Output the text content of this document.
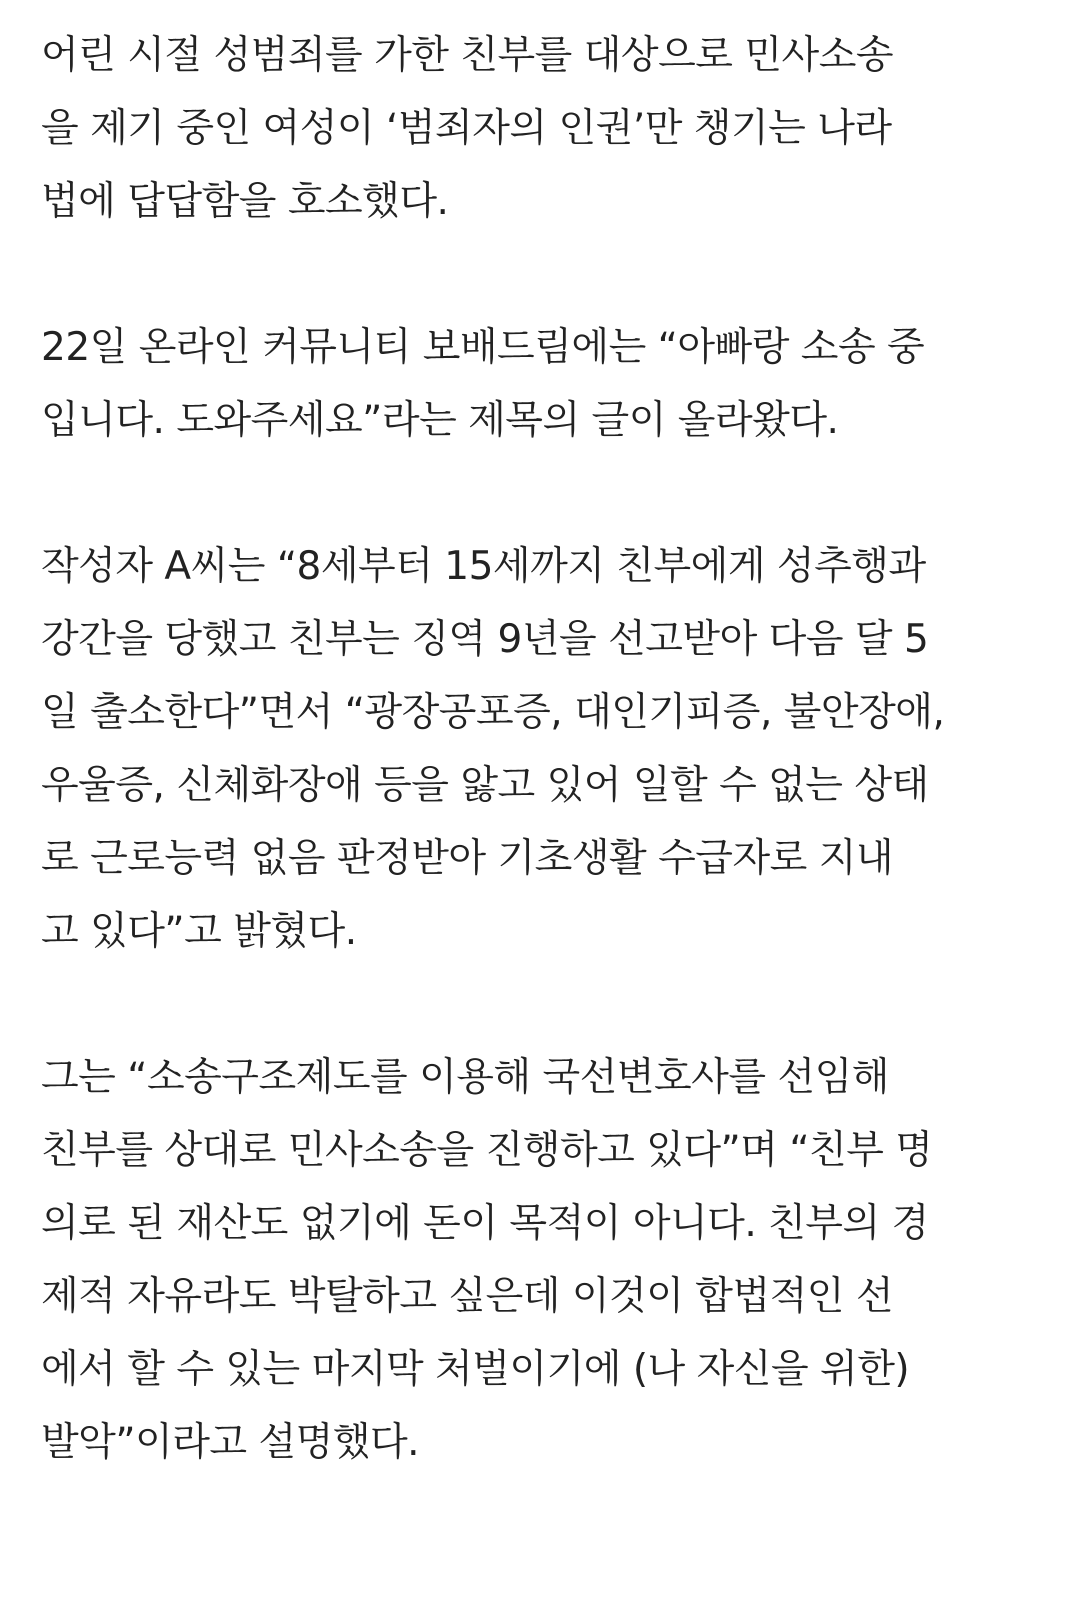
어린 시절 성범죄를 가한 친부를 대상으로 민사소송
을 제기 중인 여성이 ‘범죄자의 인권’만 챙기는 나라
법에 답답함을 호소했다.

22일 온라인 커뮤니티 보배드림에는 “아빠랑 소송 중
입니다. 도와주세요”라는 제목의 글이 올라왔다.

작성자 A씨는 “8세부터 15세까지 친부에게 성추행과
강간을 당했고 친부는 징역 9년을 선고받아 다음 달 5
일 출소한다”면서 “광장공포증, 대인기피증, 불안장애,
우울증, 신체화장애 등을 앓고 있어 일할 수 없는 상태
로 근로능력 없음 판정받아 기초생활 수급자로 지내
고 있다”고 밝혔다.

그는 “소송구조제도를 이용해 국선변호사를 선임해
친부를 상대로 민사소송을 진행하고 있다”며 “친부 명
의로 된 재산도 없기에 돈이 목적이 아니다. 친부의 경
제적 자유라도 박탈하고 싶은데 이것이 합법적인 선
에서 할 수 있는 마지막 처벌이기에 (나 자신을 위한)
발악”이라고 설명했다.
